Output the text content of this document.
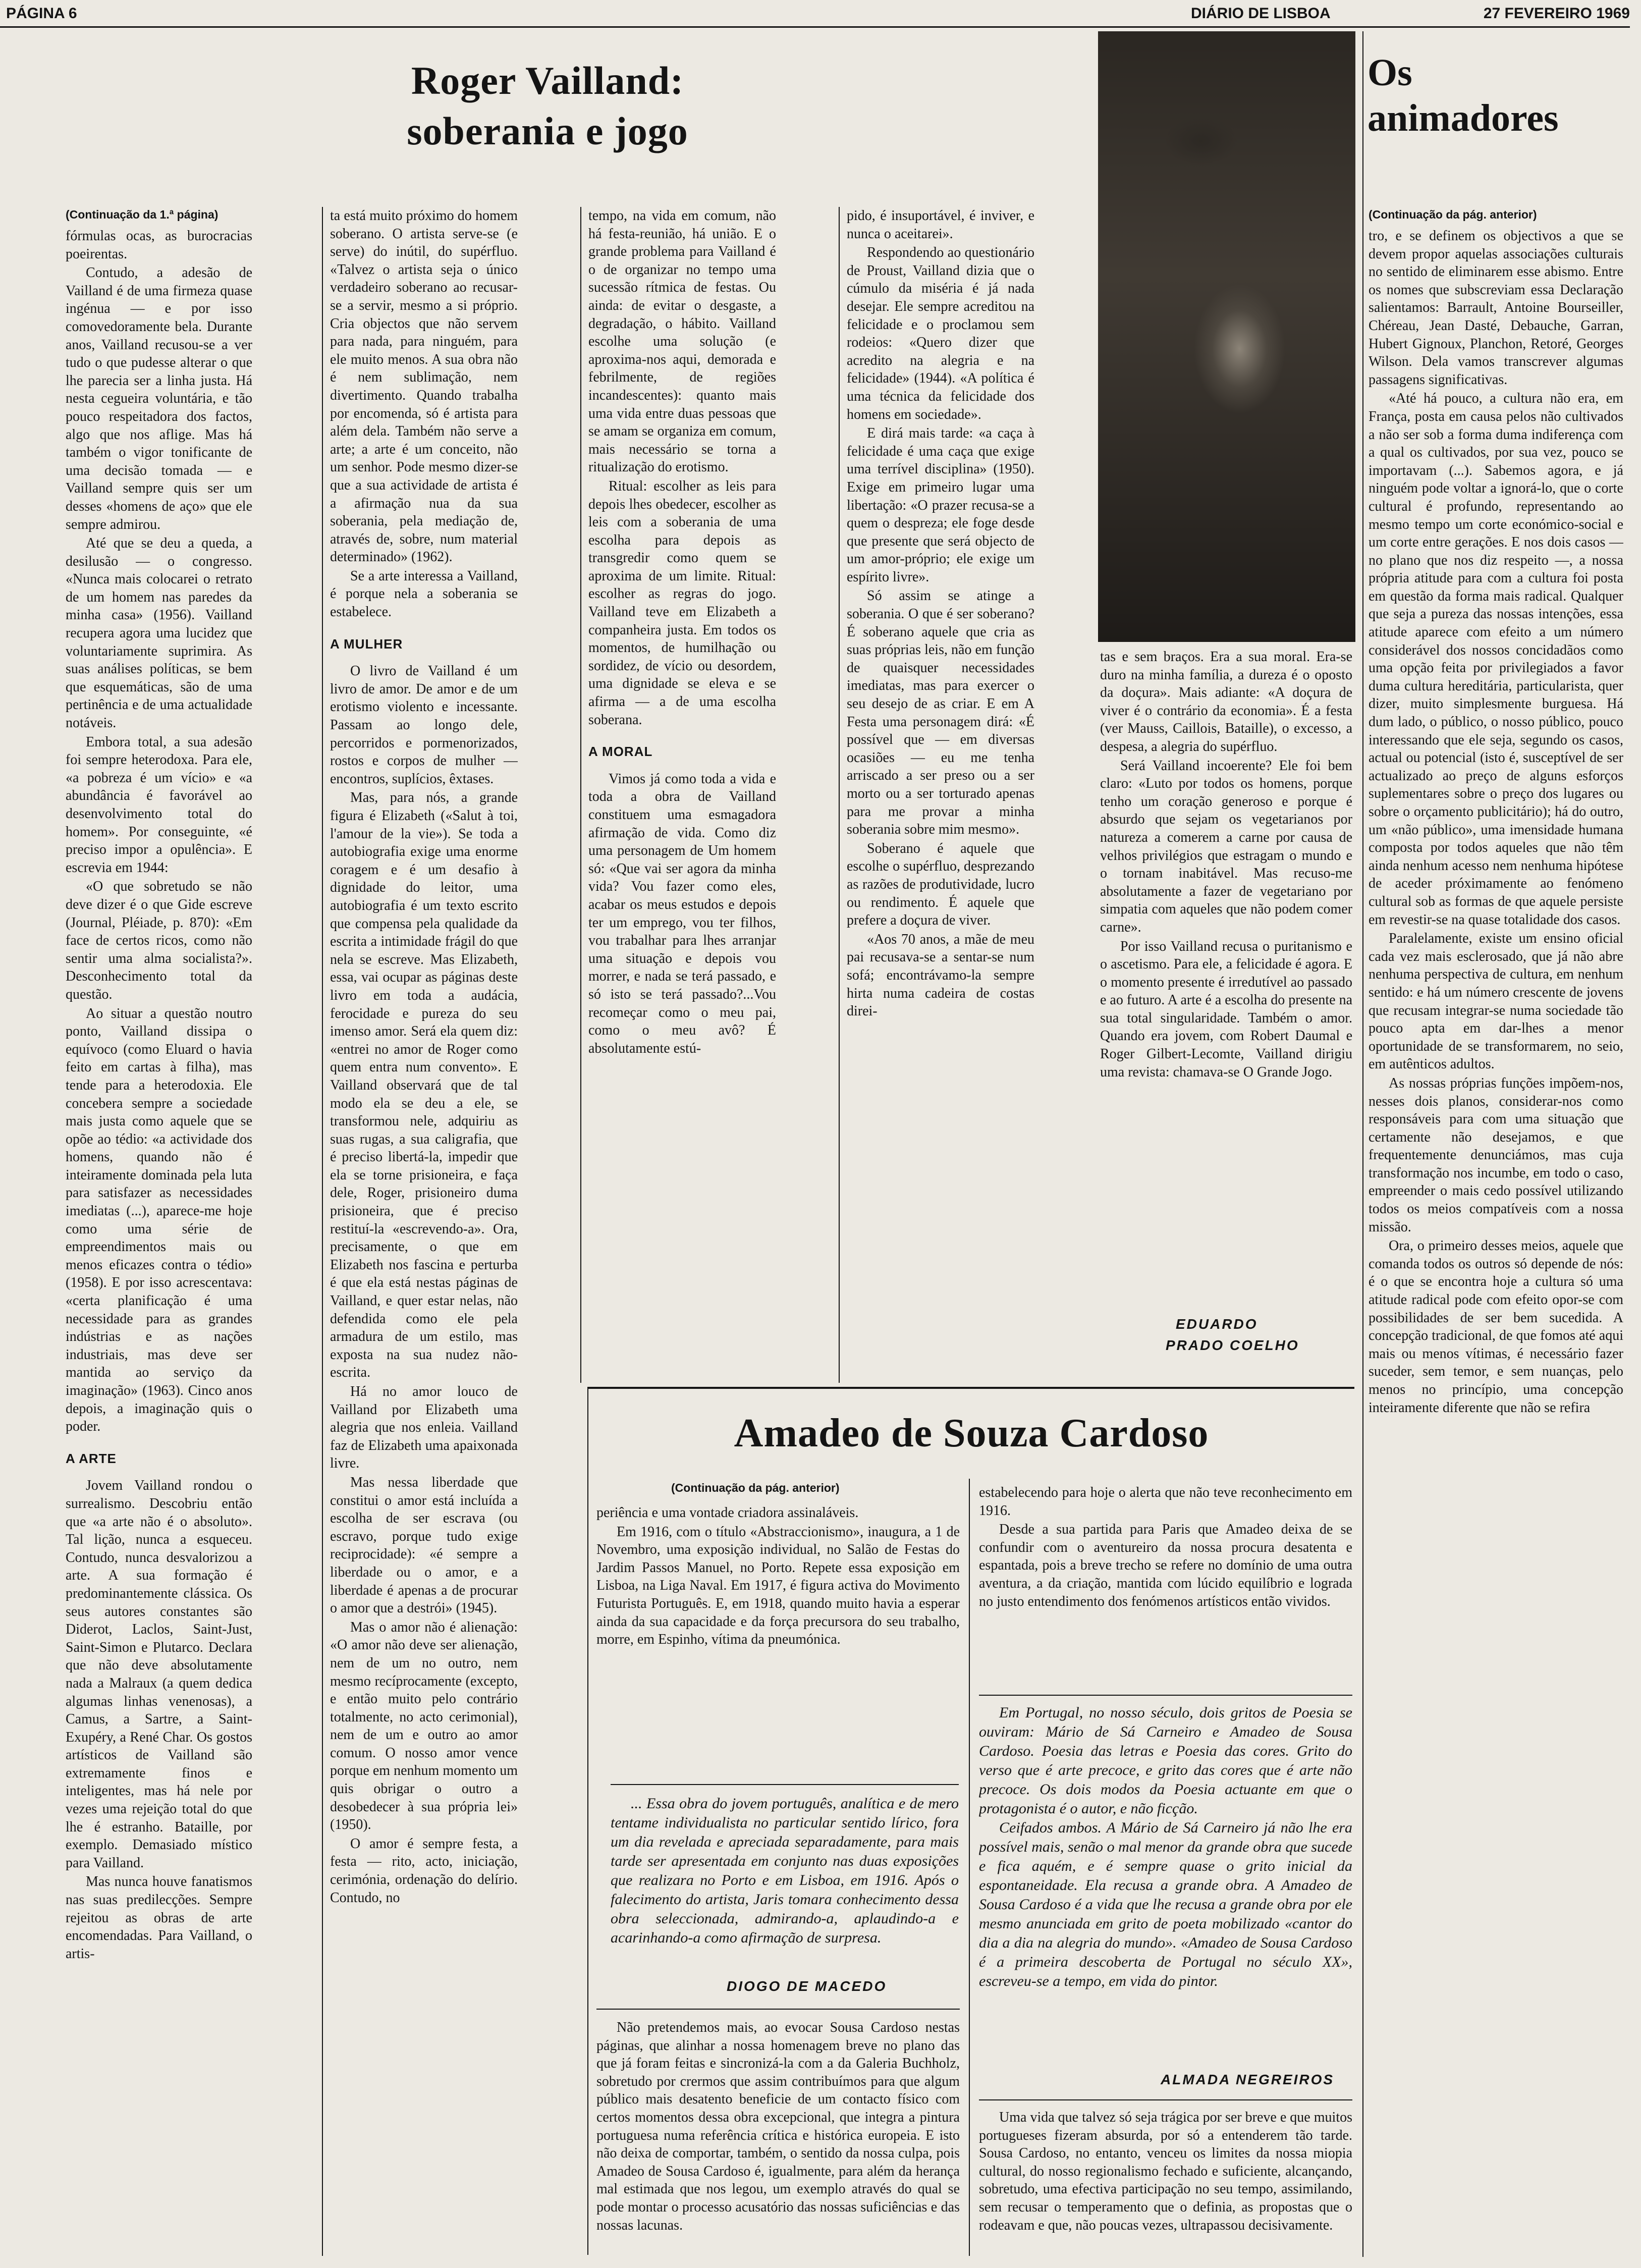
PÁGINA 6	DIÁRIO DE LISBOA	27 FEVEREIRO 1969
Roger Vailland:
soberania e jogo
(Continuação da 1.ª página)

fórmulas ocas, as burocracias poeirentas.

Contudo, a adesão de Vailland é de uma firmeza quase ingénua — e por isso comovedoramente bela. Durante anos, Vailland recusou-se a ver tudo o que pudesse alterar o que lhe parecia ser a linha justa. Há nesta cegueira voluntária, e tão pouco respeitadora dos factos, algo que nos aflige. Mas há também o vigor tonificante de uma decisão tomada — e Vailland sempre quis ser um desses «homens de aço» que ele sempre admirou.

Até que se deu a queda, a desilusão — o congresso. «Nunca mais colocarei o retrato de um homem nas paredes da minha casa» (1956). Vailland recupera agora uma lucidez que voluntariamente suprimira. As suas análises políticas, se bem que esquemáticas, são de uma pertinência e de uma actualidade notáveis.

Embora total, a sua adesão foi sempre heterodoxa. Para ele, «a pobreza é um vício» e «a abundância é favorável ao desenvolvimento total do homem». Por conseguinte, «é preciso impor a opulência». E escrevia em 1944:

«O que sobretudo se não deve dizer é o que Gide escreve (Journal, Pléiade, p. 870): «Em face de certos ricos, como não sentir uma alma socialista?». Desconhecimento total da questão.

Ao situar a questão noutro ponto, Vailland dissipa o equívoco (como Eluard o havia feito em cartas à filha), mas tende para a heterodoxia. Ele concebera sempre a sociedade mais justa como aquele que se opõe ao tédio: «a actividade dos homens, quando não é inteiramente dominada pela luta para satisfazer as necessidades imediatas (...), aparece-me hoje como uma série de empreendimentos mais ou menos eficazes contra o tédio» (1958). E por isso acrescentava: «certa planificação é uma necessidade para as grandes indústrias e as nações industriais, mas deve ser mantida ao serviço da imaginação» (1963). Cinco anos depois, a imaginação quis o poder.

A ARTE

Jovem Vailland rondou o surrealismo. Descobriu então que «a arte não é o absoluto». Tal lição, nunca a esqueceu. Contudo, nunca desvalorizou a arte. A sua formação é predominantemente clássica. Os seus autores constantes são Diderot, Laclos, Saint-Just, Saint-Simon e Plutarco. Declara que não deve absolutamente nada a Malraux (a quem dedica algumas linhas venenosas), a Camus, a Sartre, a Saint-Exupéry, a René Char. Os gostos artísticos de Vailland são extremamente finos e inteligentes, mas há nele por vezes uma rejeição total do que lhe é estranho. Bataille, por exemplo. Demasiado místico para Vailland.

Mas nunca houve fanatismos nas suas predilecções. Sempre rejeitou as obras de arte encomendadas. Para Vailland, o artis-

ta está muito próximo do homem soberano. O artista serve-se (e serve) do inútil, do supérfluo. «Talvez o artista seja o único verdadeiro soberano ao recusar-se a servir, mesmo a si próprio. Cria objectos que não servem para nada, para ninguém, para ele muito menos. A sua obra não é nem sublimação, nem divertimento. Quando trabalha por encomenda, só é artista para além dela. Também não serve a arte; a arte é um conceito, não um senhor. Pode mesmo dizer-se que a sua actividade de artista é a afirmação nua da sua soberania, pela mediação de, através de, sobre, num material determinado» (1962).

Se a arte interessa a Vailland, é porque nela a soberania se estabelece.

A MULHER

O livro de Vailland é um livro de amor. De amor e de um erotismo violento e incessante. Passam ao longo dele, percorridos e pormenorizados, rostos e corpos de mulher — encontros, suplícios, êxtases.

Mas, para nós, a grande figura é Elizabeth («Salut à toi, l'amour de la vie»). Se toda a autobiografia exige uma enorme coragem e é um desafio à dignidade do leitor, uma autobiografia é um texto escrito que compensa pela qualidade da escrita a intimidade frágil do que nela se escreve. Mas Elizabeth, essa, vai ocupar as páginas deste livro em toda a audácia, ferocidade e pureza do seu imenso amor. Será ela quem diz: «entrei no amor de Roger como quem entra num convento». E Vailland observará que de tal modo ela se deu a ele, se transformou nele, adquiriu as suas rugas, a sua caligrafia, que é preciso libertá-la, impedir que ela se torne prisioneira, e faça dele, Roger, prisioneiro duma prisioneira, que é preciso restituí-la «escrevendo-a». Ora, precisamente, o que em Elizabeth nos fascina e perturba é que ela está nestas páginas de Vailland, e quer estar nelas, não defendida como ele pela armadura de um estilo, mas exposta na sua nudez não-escrita.

Há no amor louco de Vailland por Elizabeth uma alegria que nos enleia. Vailland faz de Elizabeth uma apaixonada livre.

Mas nessa liberdade que constitui o amor está incluída a escolha de ser escrava (ou escravo, porque tudo exige reciprocidade): «é sempre a liberdade ou o amor, e a liberdade é apenas a de procurar o amor que a destrói» (1945).

Mas o amor não é alienação: «O amor não deve ser alienação, nem de um no outro, nem mesmo recíprocamente (excepto, e então muito pelo contrário totalmente, no acto cerimonial), nem de um e outro ao amor comum. O nosso amor vence porque em nenhum momento um quis obrigar o outro a desobedecer à sua própria lei» (1950).

O amor é sempre festa, a festa — rito, acto, iniciação, cerimónia, ordenação do delírio. Contudo, no

tempo, na vida em comum, não há festa-reunião, há união. E o grande problema para Vailland é o de organizar no tempo uma sucessão rítmica de festas. Ou ainda: de evitar o desgaste, a degradação, o hábito. Vailland escolhe uma solução (e aproxima-nos aqui, demorada e febrilmente, de regiões incandescentes): quanto mais uma vida entre duas pessoas que se amam se organiza em comum, mais necessário se torna a ritualização do erotismo.

Ritual: escolher as leis para depois lhes obedecer, escolher as leis com a soberania de uma escolha para depois as transgredir como quem se aproxima de um limite. Ritual: escolher as regras do jogo. Vailland teve em Elizabeth a companheira justa. Em todos os momentos, de humilhação ou sordidez, de vício ou desordem, uma dignidade se eleva e se afirma — a de uma escolha soberana.

A MORAL

Vimos já como toda a vida e toda a obra de Vailland constituem uma esmagadora afirmação de vida. Como diz uma personagem de Um homem só: «Que vai ser agora da minha vida? Vou fazer como eles, acabar os meus estudos e depois ter um emprego, vou ter filhos, vou trabalhar para lhes arranjar uma situação e depois vou morrer, e nada se terá passado, e só isto se terá passado?...Vou recomeçar como o meu pai, como o meu avô? É absolutamente estú-

pido, é insuportável, é inviver, e nunca o aceitarei».

Respondendo ao questionário de Proust, Vailland dizia que o cúmulo da miséria é já nada desejar. Ele sempre acreditou na felicidade e o proclamou sem rodeios: «Quero dizer que acredito na alegria e na felicidade» (1944). «A política é uma técnica da felicidade dos homens em sociedade».

E dirá mais tarde: «a caça à felicidade é uma caça que exige uma terrível disciplina» (1950). Exige em primeiro lugar uma libertação: «O prazer recusa-se a quem o despreza; ele foge desde que presente que será objecto de um amor-próprio; ele exige um espírito livre».

Só assim se atinge a soberania. O que é ser soberano? É soberano aquele que cria as suas próprias leis, não em função de quaisquer necessidades imediatas, mas para exercer o seu desejo de as criar. E em A Festa uma personagem dirá: «É possível que — em diversas ocasiões — eu me tenha arriscado a ser preso ou a ser morto ou a ser torturado apenas para me provar a minha soberania sobre mim mesmo».

Soberano é aquele que escolhe o supérfluo, desprezando as razões de produtividade, lucro ou rendimento. É aquele que prefere a doçura de viver.

«Aos 70 anos, a mãe de meu pai recusava-se a sentar-se num sofá; encontrávamo-la sempre hirta numa cadeira de costas direi-

tas e sem braços. Era a sua moral. Era-se duro na minha família, a dureza é o oposto da doçura». Mais adiante: «A doçura de viver é o contrário da economia». É a festa (ver Mauss, Caillois, Bataille), o excesso, a despesa, a alegria do supérfluo.

Será Vailland incoerente? Ele foi bem claro: «Luto por todos os homens, porque tenho um coração generoso e porque é absurdo que sejam os vegetarianos por natureza a comerem a carne por causa de velhos privilégios que estragam o mundo e o tornam inabitável. Mas recuso-me absolutamente a fazer de vegetariano por simpatia com aqueles que não podem comer carne».

Por isso Vailland recusa o puritanismo e o ascetismo. Para ele, a felicidade é agora. E o momento presente é irredutível ao passado e ao futuro. A arte é a escolha do presente na sua total singularidade. Também o amor. Quando era jovem, com Robert Daumal e Roger Gilbert-Lecomte, Vailland dirigiu uma revista: chamava-se O Grande Jogo.

EDUARDO
PRADO COELHO
Os
animadores
(Continuação da pág. anterior)

tro, e se definem os objectivos a que se devem propor aquelas associações culturais no sentido de eliminarem esse abismo. Entre os nomes que subscreviam essa Declaração salientamos: Barrault, Antoine Bourseiller, Chéreau, Jean Dasté, Debauche, Garran, Hubert Gignoux, Planchon, Retoré, Georges Wilson. Dela vamos transcrever algumas passagens significativas.

«Até há pouco, a cultura não era, em França, posta em causa pelos não cultivados a não ser sob a forma duma indiferença com a qual os cultivados, por sua vez, pouco se importavam (...). Sabemos agora, e já ninguém pode voltar a ignorá-lo, que o corte cultural é profundo, representando ao mesmo tempo um corte económico-social e um corte entre gerações. E nos dois casos — no plano que nos diz respeito —, a nossa própria atitude para com a cultura foi posta em questão da forma mais radical. Qualquer que seja a pureza das nossas intenções, essa atitude aparece com efeito a um número considerável dos nossos concidadãos como uma opção feita por privilegiados a favor duma cultura hereditária, particularista, quer dizer, muito simplesmente burguesa. Há dum lado, o público, o nosso público, pouco interessando que ele seja, segundo os casos, actual ou potencial (isto é, susceptível de ser actualizado ao preço de alguns esforços suplementares sobre o preço dos lugares ou sobre o orçamento publicitário); há do outro, um «não público», uma imensidade humana composta por todos aqueles que não têm ainda nenhum acesso nem nenhuma hipótese de aceder próximamente ao fenómeno cultural sob as formas de que aquele persiste em revestir-se na quase totalidade dos casos.

Paralelamente, existe um ensino oficial cada vez mais esclerosado, que já não abre nenhuma perspectiva de cultura, em nenhum sentido: e há um número crescente de jovens que recusam integrar-se numa sociedade tão pouco apta em dar-lhes a menor oportunidade de se transformarem, no seio, em autênticos adultos.

As nossas próprias funções impõem-nos, nesses dois planos, considerar-nos como responsáveis para com uma situação que certamente não desejamos, e que frequentemente denunciámos, mas cuja transformação nos incumbe, em todo o caso, empreender o mais cedo possível utilizando todos os meios compatíveis com a nossa missão.

Ora, o primeiro desses meios, aquele que comanda todos os outros só depende de nós: é o que se encontra hoje a cultura só uma atitude radical pode com efeito opor-se com possibilidades de ser bem sucedida. A concepção tradicional, de que fomos até aqui mais ou menos vítimas, é necessário fazer suceder, sem temor, e sem nuanças, pelo menos no princípio, uma concepção inteiramente diferente que não se refira

Amadeo de Souza Cardoso
(Continuação da pág. anterior)

periência e uma vontade criadora assinaláveis.

Em 1916, com o título «Abstraccionismo», inaugura, a 1 de Novembro, uma exposição individual, no Salão de Festas do Jardim Passos Manuel, no Porto. Repete essa exposição em Lisboa, na Liga Naval. Em 1917, é figura activa do Movimento Futurista Português. E, em 1918, quando muito havia a esperar ainda da sua capacidade e da força precursora do seu trabalho, morre, em Espinho, vítima da pneumónica.

estabelecendo para hoje o alerta que não teve reconhecimento em 1916.

Desde a sua partida para Paris que Amadeo deixa de se confundir com o aventureiro da nossa procura desatenta e espantada, pois a breve trecho se refere no domínio de uma outra aventura, a da criação, mantida com lúcido equilíbrio e lograda no justo entendimento dos fenómenos artísticos então vividos.

... Essa obra do jovem português, analítica e de mero tentame individualista no particular sentido lírico, fora um dia revelada e apreciada separadamente, para mais tarde ser apresentada em conjunto nas duas exposições que realizara no Porto e em Lisboa, em 1916. Após o falecimento do artista, Jaris tomara conhecimento dessa obra seleccionada, admirando-a, aplaudindo-a e acarinhando-a como afirmação de surpresa.

DIOGO DE MACEDO

Em Portugal, no nosso século, dois gritos de Poesia se ouviram: Mário de Sá Carneiro e Amadeo de Sousa Cardoso. Poesia das letras e Poesia das cores. Grito do verso que é arte precoce, e grito das cores que é arte não precoce. Os dois modos da Poesia actuante em que o protagonista é o autor, e não ficção.

Ceifados ambos. A Mário de Sá Carneiro já não lhe era possível mais, senão o mal menor da grande obra que sucede e fica aquém, e é sempre quase o grito inicial da espontaneidade. Ela recusa a grande obra. A Amadeo de Sousa Cardoso é a vida que lhe recusa a grande obra por ele mesmo anunciada em grito de poeta mobilizado «cantor do dia a dia na alegria do mundo». «Amadeo de Sousa Cardoso é a primeira descoberta de Portugal no século XX», escreveu-se a tempo, em vida do pintor.

ALMADA NEGREIROS

Não pretendemos mais, ao evocar Sousa Cardoso nestas páginas, que alinhar a nossa homenagem breve no plano das que já foram feitas e sincronizá-la com a da Galeria Buchholz, sobretudo por crermos que assim contribuímos para que algum público mais desatento beneficie de um contacto físico com certos momentos dessa obra excepcional, que integra a pintura portuguesa numa referência crítica e histórica europeia. E isto não deixa de comportar, também, o sentido da nossa culpa, pois Amadeo de Sousa Cardoso é, igualmente, para além da herança mal estimada que nos legou, um exemplo através do qual se pode montar o processo acusatório das nossas suficiências e das nossas lacunas.

Uma vida que talvez só seja trágica por ser breve e que muitos portugueses fizeram absurda, por só a entenderem tão tarde. Sousa Cardoso, no entanto, venceu os limites da nossa miopia cultural, do nosso regionalismo fechado e suficiente, alcançando, sobretudo, uma efectiva participação no seu tempo, assimilando, sem recusar o temperamento que o definia, as propostas que o rodeavam e que, não poucas vezes, ultrapassou decisivamente.
